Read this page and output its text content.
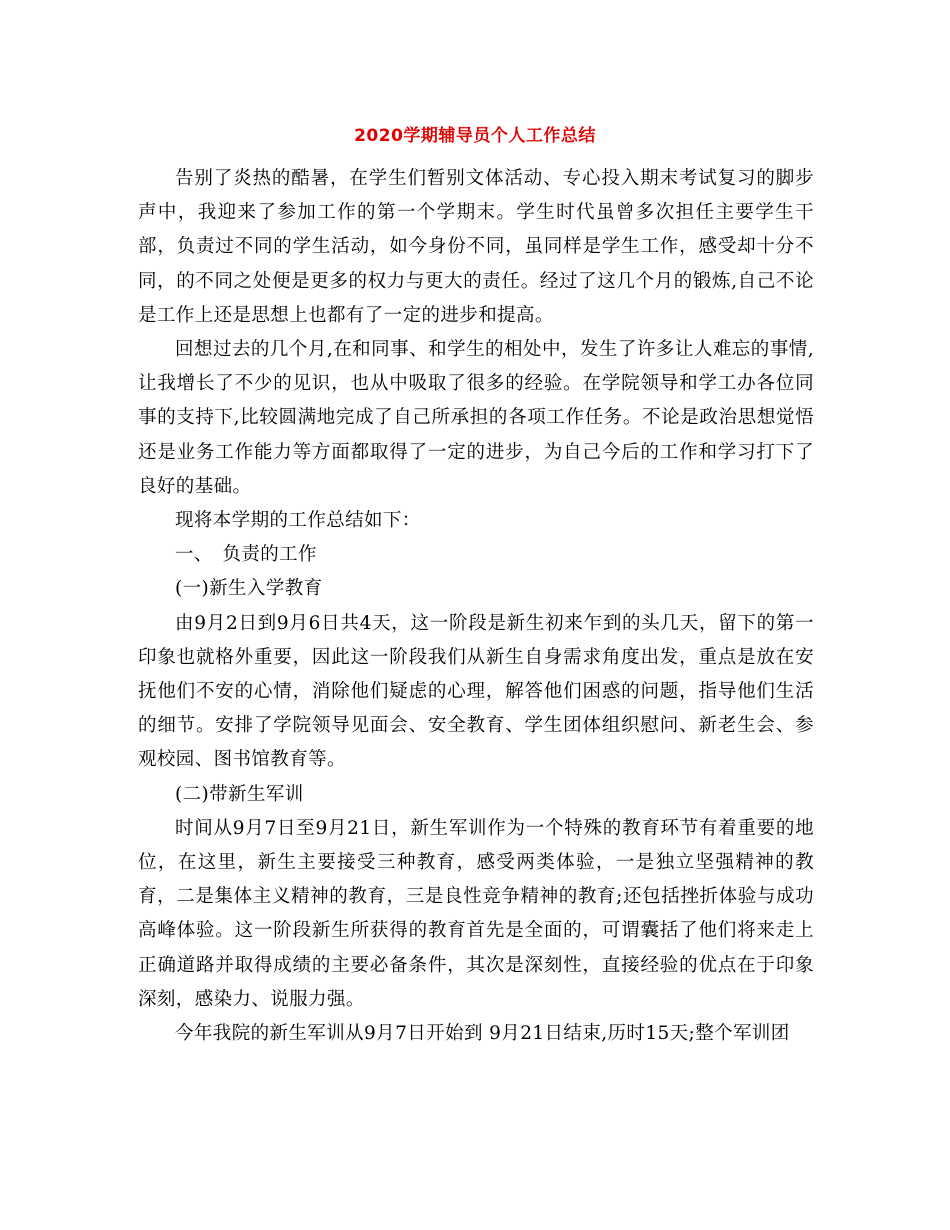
2020学期辅导员个人工作总结

告别了炎热的酷暑，在学生们暂别文体活动、专心投入期末考试复习的脚步声中，我迎来了参加工作的第一个学期末。学生时代虽曾多次担任主要学生干部，负责过不同的学生活动，如今身份不同，虽同样是学生工作，感受却十分不同，的不同之处便是更多的权力与更大的责任。经过了这几个月的锻炼,自己不论是工作上还是思想上也都有了一定的进步和提高。

回想过去的几个月,在和同事、和学生的相处中，发生了许多让人难忘的事情,让我增长了不少的见识，也从中吸取了很多的经验。在学院领导和学工办各位同事的支持下,比较圆满地完成了自己所承担的各项工作任务。不论是政治思想觉悟还是业务工作能力等方面都取得了一定的进步，为自己今后的工作和学习打下了良好的基础。

现将本学期的工作总结如下：

一、　负责的工作

(一)新生入学教育

由9月2日到9月6日共4天，这一阶段是新生初来乍到的头几天，留下的第一印象也就格外重要，因此这一阶段我们从新生自身需求角度出发，重点是放在安抚他们不安的心情，消除他们疑虑的心理，解答他们困惑的问题，指导他们生活的细节。安排了学院领导见面会、安全教育、学生团体组织慰问、新老生会、参观校园、图书馆教育等。

(二)带新生军训

时间从9月7日至9月21日，新生军训作为一个特殊的教育环节有着重要的地位，在这里，新生主要接受三种教育，感受两类体验，一是独立坚强精神的教育，二是集体主义精神的教育，三是良性竞争精神的教育;还包括挫折体验与成功高峰体验。这一阶段新生所获得的教育首先是全面的，可谓囊括了他们将来走上正确道路并取得成绩的主要必备条件，其次是深刻性，直接经验的优点在于印象深刻，感染力、说服力强。

今年我院的新生军训从9月7日开始到 9月21日结束,历时15天;整个军训团
